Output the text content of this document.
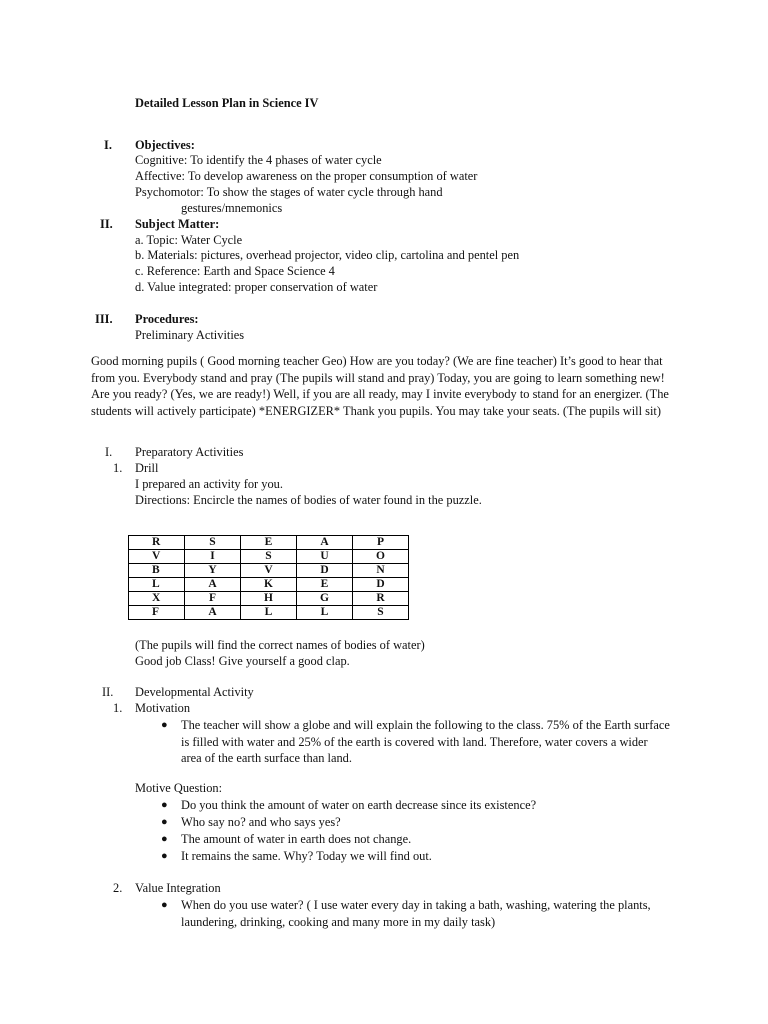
Detailed Lesson Plan in Science IV
I. Objectives:
Cognitive: To identify the 4 phases of water cycle
Affective: To develop awareness on the proper consumption of water
Psychomotor: To show the stages of water cycle through hand
gestures/mnemonics
II. Subject Matter:
a. Topic: Water Cycle
b. Materials: pictures, overhead projector, video clip, cartolina and pentel pen
c. Reference: Earth and Space Science 4
d. Value integrated: proper conservation of water
III. Procedures:
Preliminary Activities
Good morning pupils ( Good morning teacher Geo) How are you today? (We are fine teacher) It’s good to hear that from you. Everybody stand and pray (The pupils will stand and pray) Today, you are going to learn something new! Are you ready? (Yes, we are ready!) Well, if you are all ready, may I invite everybody to stand for an energizer. (The students will actively participate) *ENERGIZER* Thank you pupils. You may take your seats. (The pupils will sit)
I. Preparatory Activities
1. Drill
I prepared an activity for you.
Directions: Encircle the names of bodies of water found in the puzzle.
R	S	E	A	P
V	I	S	U	O
B	Y	V	D	N
L	A	K	E	D
X	F	H	G	R
F	A	L	L	S
(The pupils will find the correct names of bodies of water)
Good job Class! Give yourself a good clap.
II. Developmental Activity
1. Motivation
● The teacher will show a globe and will explain the following to the class. 75% of the Earth surface is filled with water and 25% of the earth is covered with land. Therefore, water covers a wider area of the earth surface than land.
Motive Question:
● Do you think the amount of water on earth decrease since its existence?
● Who say no? and who says yes?
● The amount of water in earth does not change.
● It remains the same. Why? Today we will find out.
2. Value Integration
● When do you use water? ( I use water every day in taking a bath, washing, watering the plants, laundering, drinking, cooking and many more in my daily task)
